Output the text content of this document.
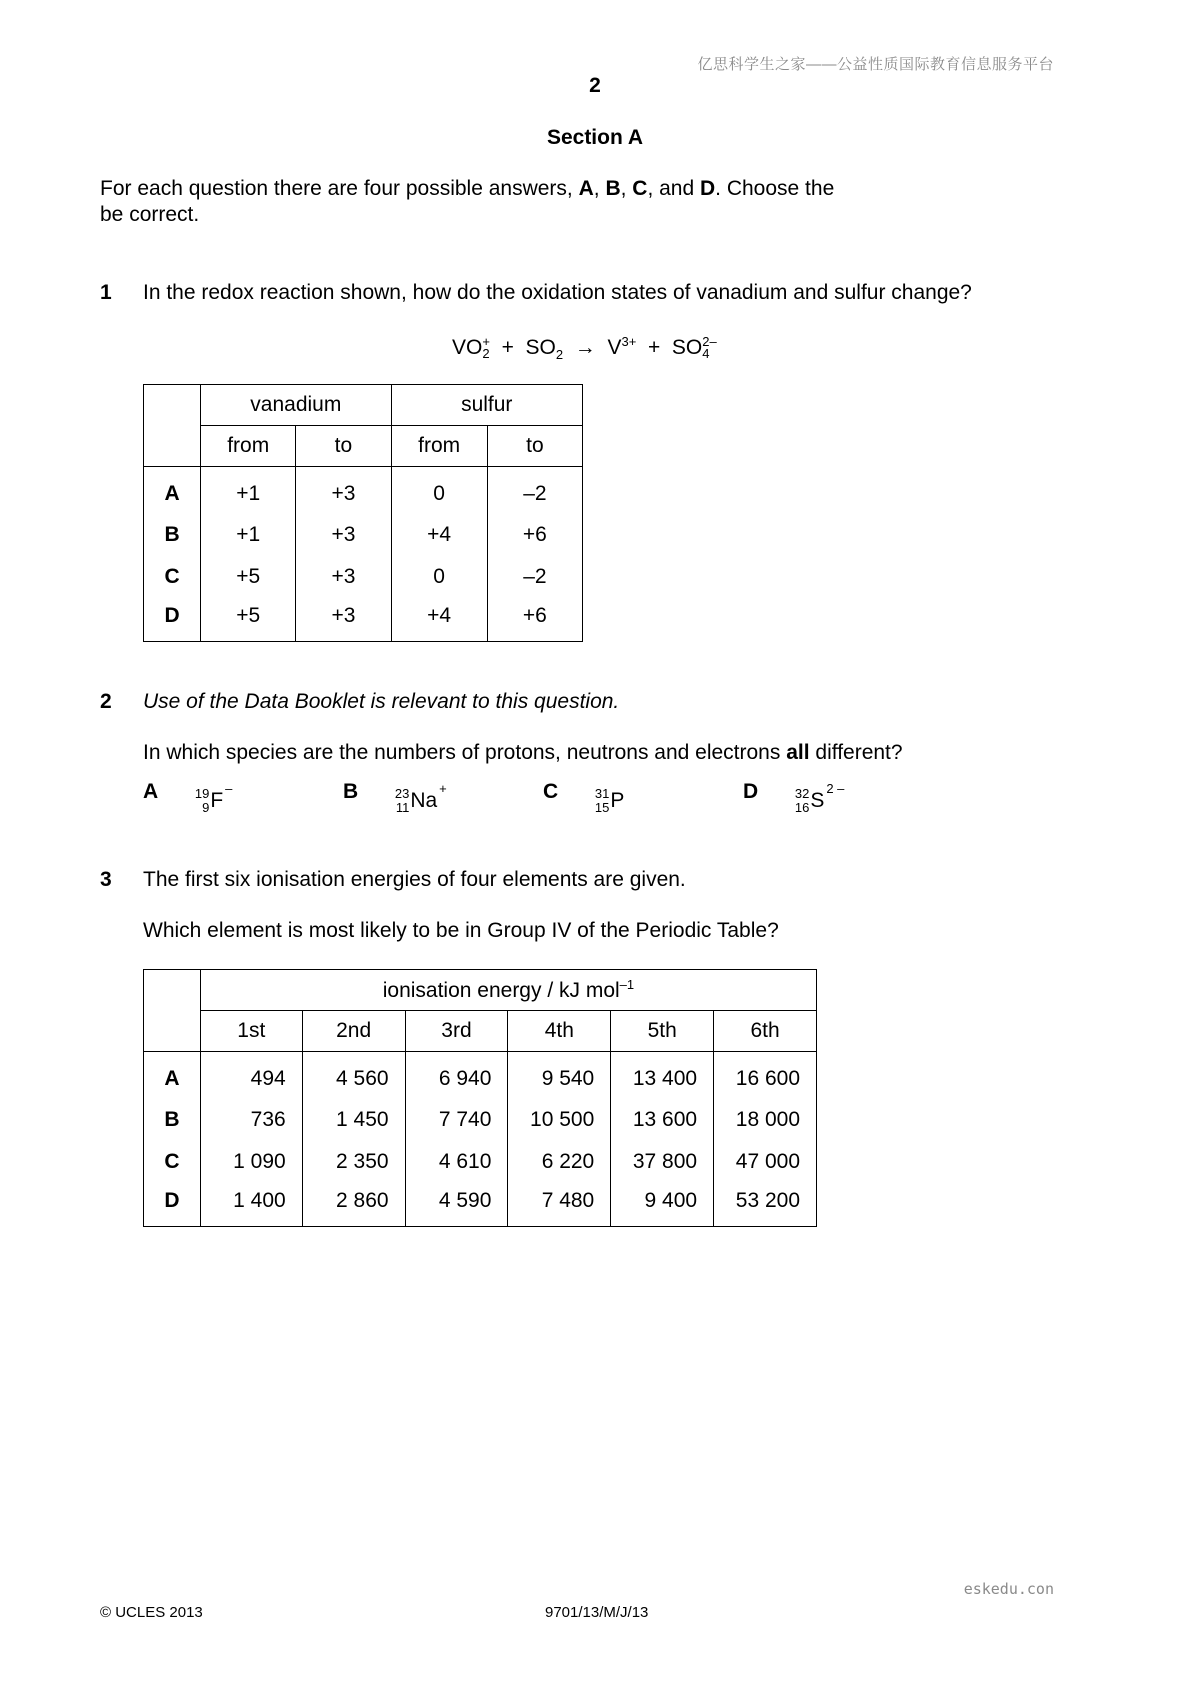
亿思科学生之家——公益性质国际教育信息服务平台
2
Section A
For each question there are four possible answers, A, B, C, and D. Choose the
be correct.
1 In the redox reaction shown, how do the oxidation states of vanadium and sulfur change?
VO +
$2 + SO_2 \to V^{3+}$ + SO 2–
4
	vanadium		sulfur	
	from	to	from	to
A	+1	+3	0	–2
B	+1	+3	+4	+6
C	+5	+3	0	–2
D	+5	+3	+4	+6
2 Use of the Data Booklet is relevant to this question.
In which species are the numbers of protons, neutrons and electrons all different?
A	19
9 F
–	B	23
11 Na
+	C	31
15 P	D	32
16 S
2 –
3 The first six ionisation energies of four elements are given.
Which element is most likely to be in Group IV of the Periodic Table?
	ionisation energy / kJ mol$^{-1}$
	1st	2nd	3rd	4th	5th	6th
A	494	4 560	6 940	9 540	13 400	16 600
B	736	1 450	7 740	10 500	13 600	18 000
C	1 090	2 350	4 610	6 220	37 800	47 000
D	1 400	2 860	4 590	7 480	9 400	53 200
eskedu.con
© UCLES 2013	9701/13/M/J/13
